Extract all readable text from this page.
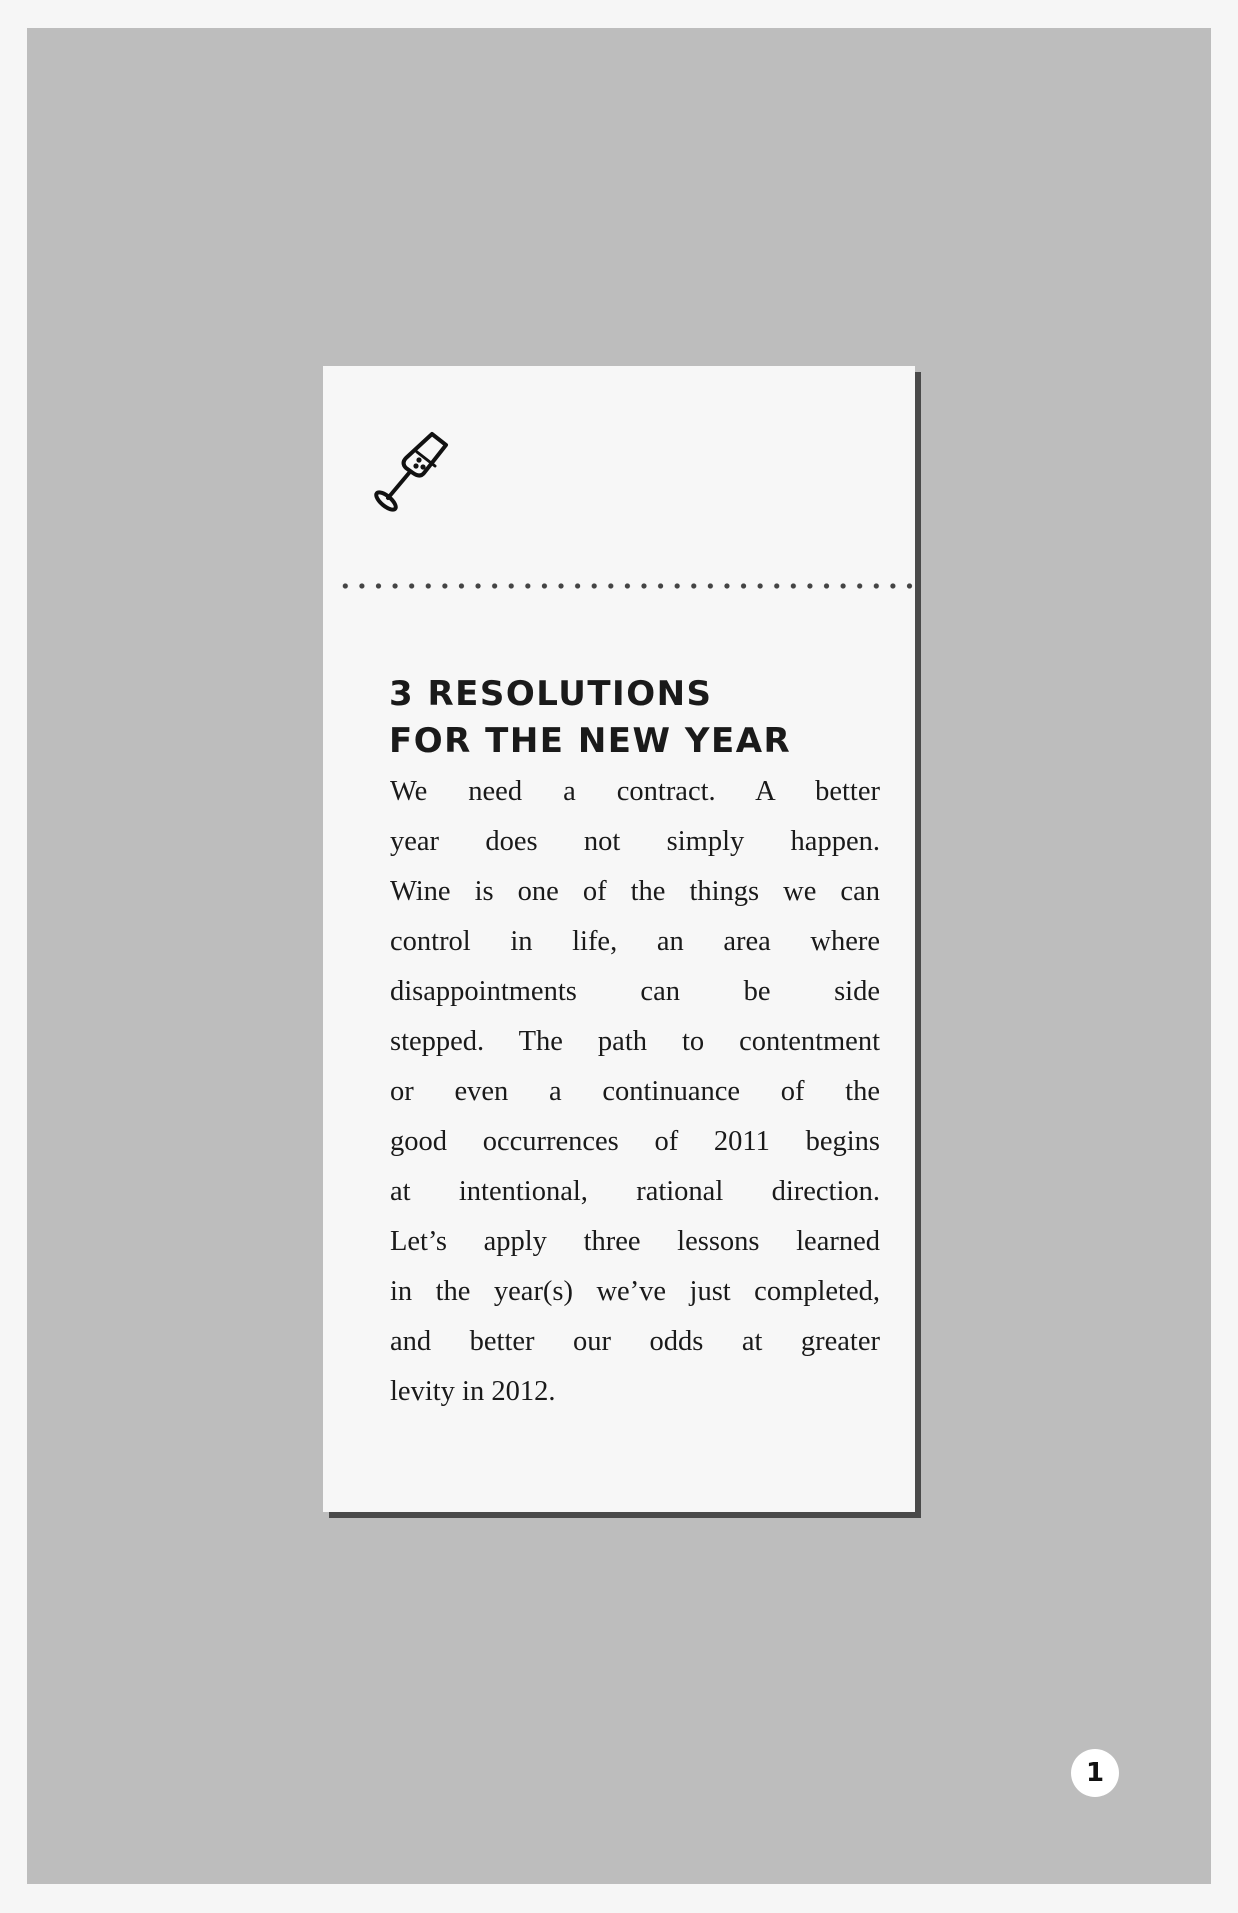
3 RESOLUTIONS
FOR THE NEW YEAR
We need a contract. A better
year does not simply happen.
Wine is one of the things we can
control in life, an area where
disappointments can be side
stepped. The path to contentment
or even a continuance of the
good occurrences of 2011 begins
at intentional, rational direction.
Let’s apply three lessons learned
in the year(s) we’ve just completed,
and better our odds at greater
levity in 2012.
1
